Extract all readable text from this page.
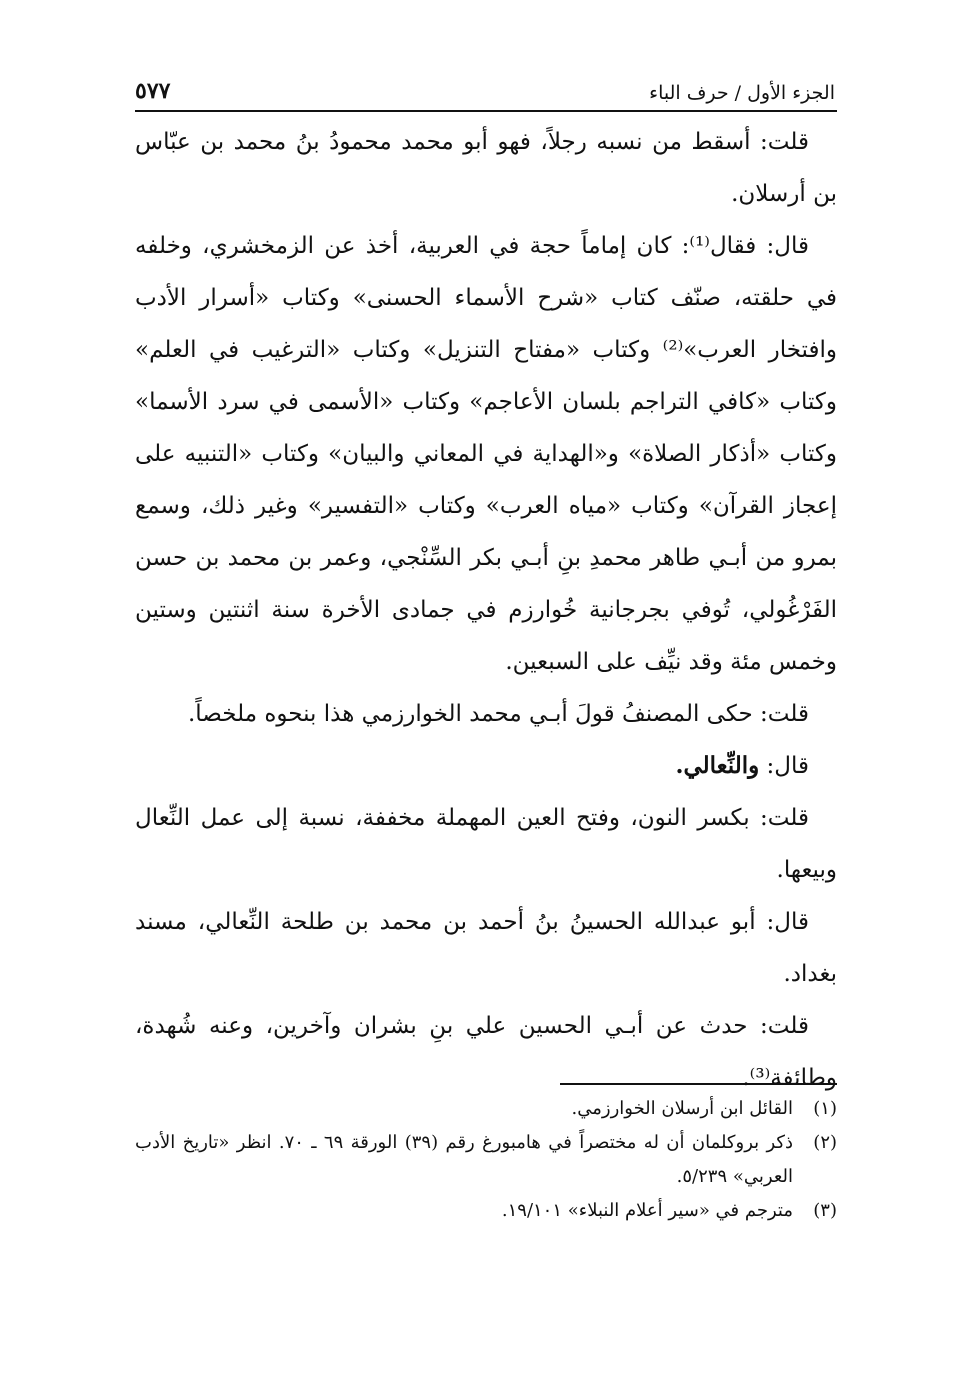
الجزء الأول / حرف الباء
٥٧٧

قلت: أسقط من نسبه رجلاً، فهو أبو محمد محمودُ بنُ محمد بن عبّاس بن أرسلان.

قال: فقال⁽¹⁾: كان إماماً حجة في العربية، أخذ عن الزمخشري، وخلفه في حلقته، صنّف كتاب «شرح الأسماء الحسنى» وكتاب «أسرار الأدب وافتخار العرب»⁽²⁾ وكتاب «مفتاح التنزيل» وكتاب «الترغيب في العلم» وكتاب «كافي التراجم بلسان الأعاجم» وكتاب «الأسمى في سرد الأسما» وكتاب «أذكار الصلاة» و«الهداية في المعاني والبيان» وكتاب «التنبيه على إعجاز القرآن» وكتاب «مياه العرب» وكتاب «التفسير» وغير ذلك، وسمع بمرو من أبـي طاهر محمدِ بنِ أبـي بكر السِّنْجي، وعمر بن محمد بن حسن الفَرْغُولي، تُوفي بجرجانية خُوارزم في جمادى الأخرة سنة اثنتين وستين وخمس مئة وقد نيِّف على السبعين.

قلت: حكى المصنفُ قولَ أبـي محمد الخوارزمي هذا بنحوه ملخصاً.

قال: والنِّعالي.

قلت: بكسر النون، وفتح العين المهملة مخففة، نسبة إلى عمل النِّعال وبيعها.

قال: أبو عبدالله الحسينُ بنُ أحمد بن محمد بن طلحة النِّعالي، مسند بغداد.

قلت: حدث عن أبـي الحسين علي بنِ بشران وآخرين، وعنه شُهدة، وطائفة⁽³⁾.

(١)القائل ابن أرسلان الخوارزمي.

(٢)ذكر بروكلمان أن له مختصراً في هامبورغ رقم (٣٩) الورقة ٦٩ ـ ٧٠. انظر «تاريخ الأدب العربي» ٥/٢٣٩.

(٣)مترجم في «سير أعلام النبلاء» ١٩/١٠١.
